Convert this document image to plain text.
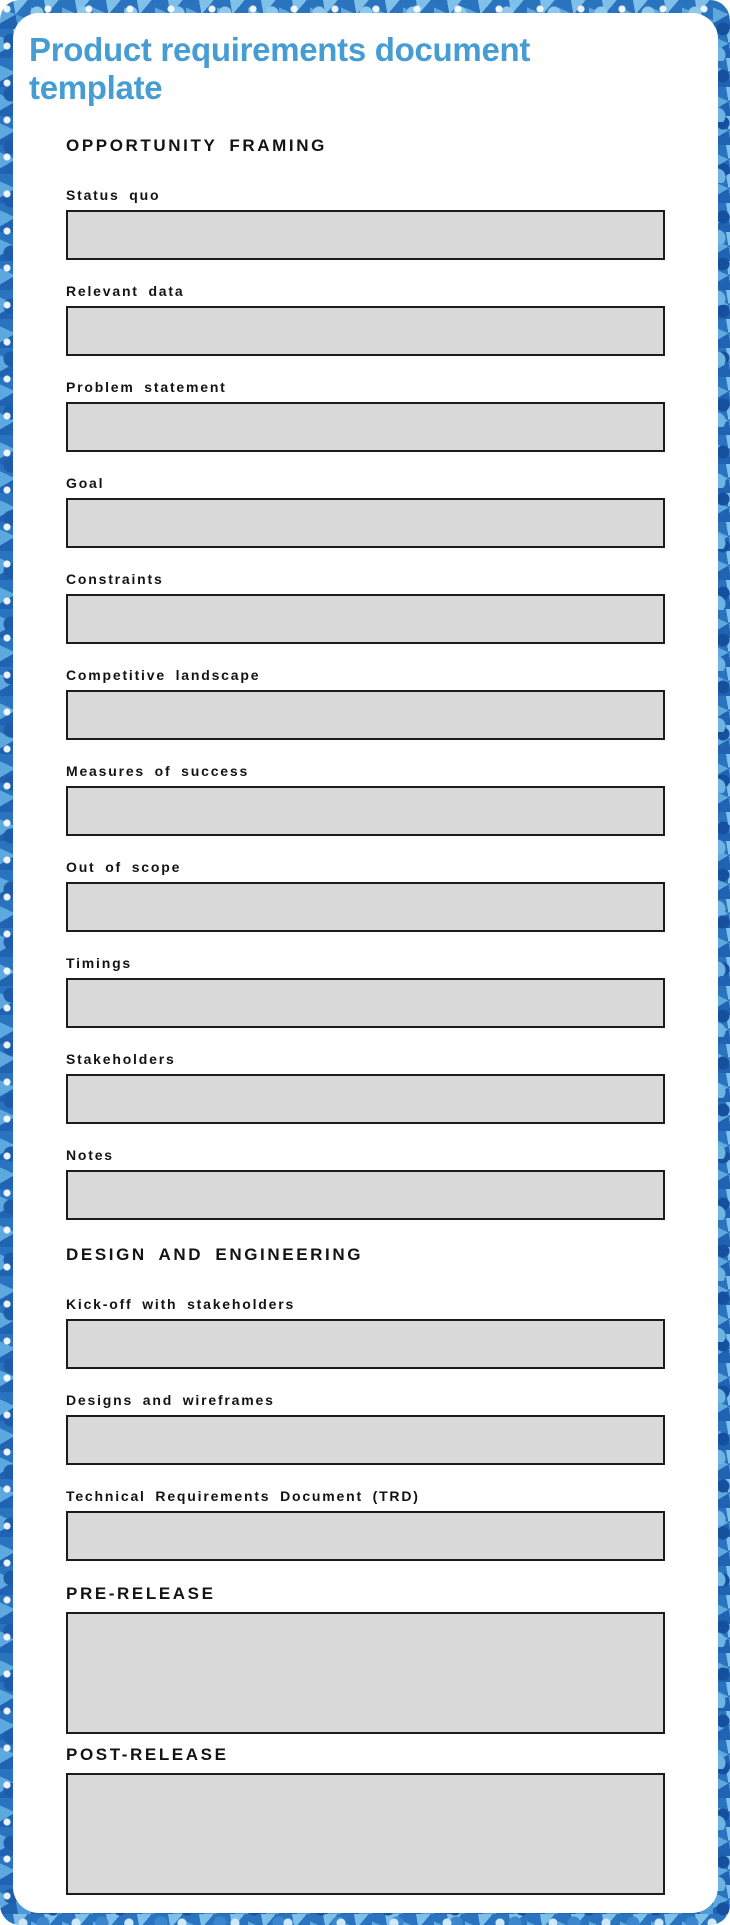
Product requirements document template
OPPORTUNITY FRAMING
Status quo
Relevant data
Problem statement
Goal
Constraints
Competitive landscape
Measures of success
Out of scope
Timings
Stakeholders
Notes
DESIGN AND ENGINEERING
Kick-off with stakeholders
Designs and wireframes
Technical Requirements Document (TRD)
PRE-RELEASE
POST-RELEASE
